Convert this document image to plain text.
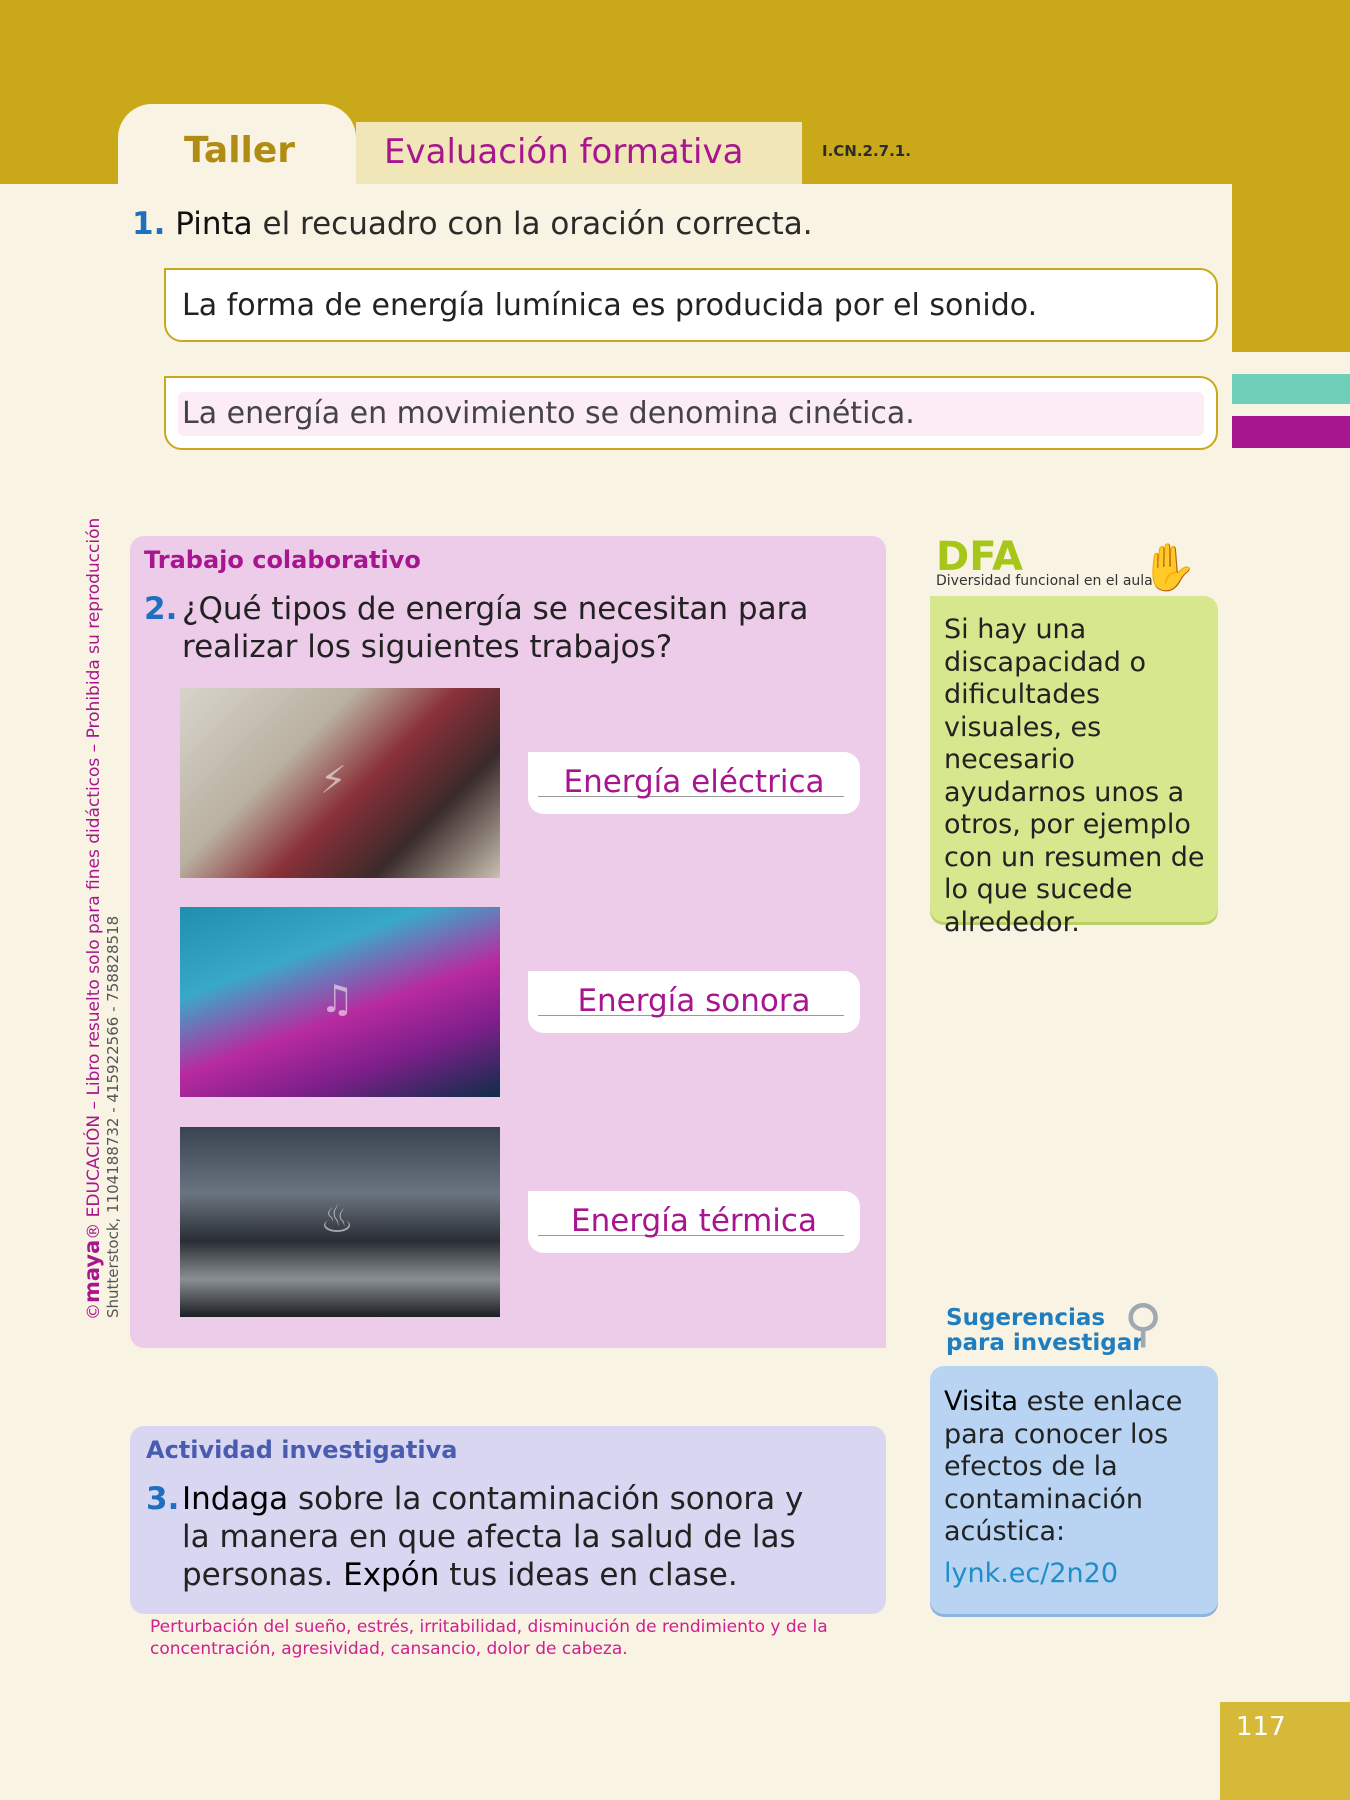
Taller	Evaluación formativa	I.CN.2.7.1.
1. Pinta el recuadro con la oración correcta.
La forma de energía lumínica es producida por el sonido.
La energía en movimiento se denomina cinética.
©maya® EDUCACIÓN – Libro resuelto solo para fines didácticos – Prohibida su reproducción Shutterstock, 1104188732 - 415922566 - 758828518
Trabajo colaborativo
2. ¿Qué tipos de energía se necesitan para
realizar los siguientes trabajos?
⚡
♫
♨
Energía eléctrica
Energía sonora
Energía térmica
DFA
Diversidad funcional en el aula
✋
Si hay una discapacidad o dificultades visuales, es necesario ayudarnos unos a otros, por ejemplo con un resumen de lo que sucede alrededor.
Sugerencias
para investigar
⚲
Visita este enlace para conocer los efectos de la contaminación acústica:
lynk.ec/2n20
Actividad investigativa
3.Indaga sobre la contaminación sonora y
la manera en que afecta la salud de las
personas. Expón tus ideas en clase.
Perturbación del sueño, estrés, irritabilidad, disminución de rendimiento y de la concentración, agresividad, cansancio, dolor de cabeza.
117
